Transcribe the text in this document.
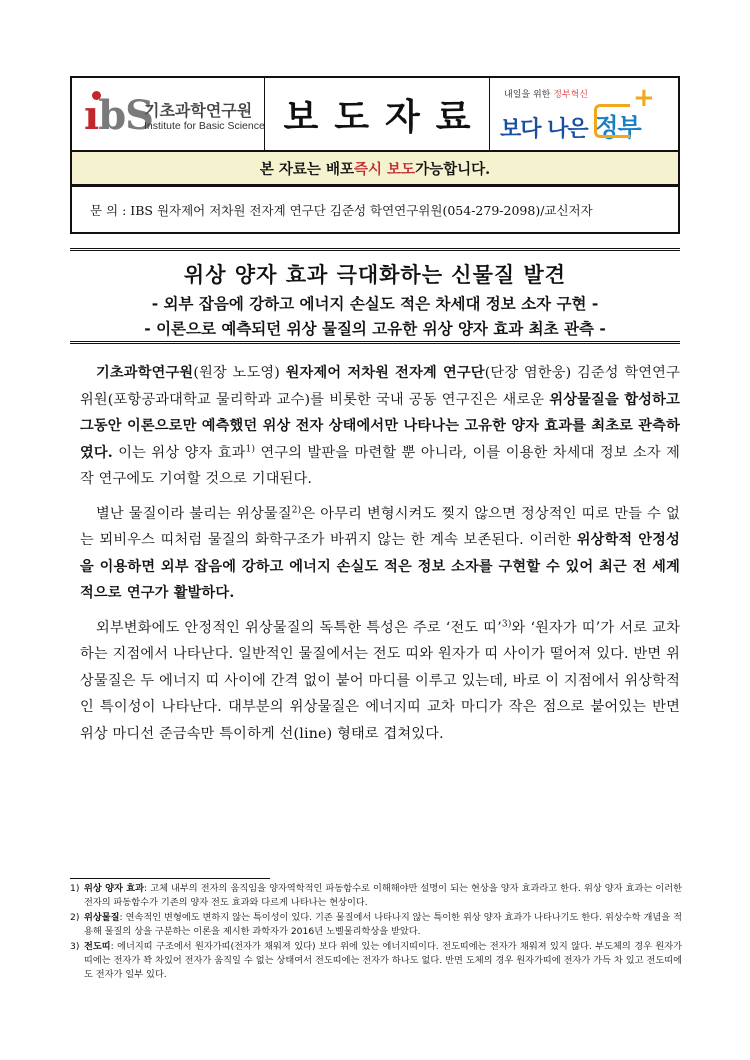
ıbS
기초과학연구원
Institute for Basic Science 보도자료
내일을 위한 정부혁신
보다 나은 정부
+
본 자료는 배포 즉시 보도 가능합니다.
문 의 : IBS 원자제어 저차원 전자계 연구단 김준성 학연연구위원(054-279-2098)/교신저자
위상 양자 효과 극대화하는 신물질 발견
- 외부 잡음에 강하고 에너지 손실도 적은 차세대 정보 소자 구현 -
- 이론으로 예측되던 위상 물질의 고유한 위상 양자 효과 최초 관측 -

기초과학연구원(원장 노도영) 원자제어 저차원 전자계 연구단(단장 염한웅) 김준성 학연연구위원(포항공과대학교 물리학과 교수)를 비롯한 국내 공동 연구진은 새로운 위상물질을 합성하고 그동안 이론으로만 예측했던 위상 전자 상태에서만 나타나는 고유한 양자 효과를 최초로 관측하였다. 이는 위상 양자 효과$^{1)}$ 연구의 발판을 마련할 뿐 아니라, 이를 이용한 차세대 정보 소자 제작 연구에도 기여할 것으로 기대된다.

별난 물질이라 불리는 위상물질$^{2)}$은 아무리 변형시켜도 찢지 않으면 정상적인 띠로 만들 수 없는 뫼비우스 띠처럼 물질의 화학구조가 바뀌지 않는 한 계속 보존된다. 이러한 위상학적 안정성을 이용하면 외부 잡음에 강하고 에너지 손실도 적은 정보 소자를 구현할 수 있어 최근 전 세계적으로 연구가 활발하다.

외부변화에도 안정적인 위상물질의 독특한 특성은 주로 ‘전도 띠’$^{3)}$와 ‘원자가 띠’가 서로 교차하는 지점에서 나타난다. 일반적인 물질에서는 전도 띠와 원자가 띠 사이가 떨어져 있다. 반면 위상물질은 두 에너지 띠 사이에 간격 없이 붙어 마디를 이루고 있는데, 바로 이 지점에서 위상학적인 특이성이 나타난다. 대부분의 위상물질은 에너지띠 교차 마디가 작은 점으로 붙어있는 반면 위상 마디선 준금속만 특이하게 선(line) 형태로 겹쳐있다.

1) 위상 양자 효과: 고체 내부의 전자의 움직임을 양자역학적인 파동함수로 이해해야만 설명이 되는 현상을 양자 효과라고 한다. 위상 양자 효과는 이러한 전자의 파동함수가 기존의 양자 전도 효과와 다르게 나타나는 현상이다.
2) 위상물질: 연속적인 변형에도 변하지 않는 특이성이 있다. 기존 물질에서 나타나지 않는 특이한 위상 양자 효과가 나타나기도 한다. 위상수학 개념을 적용해 물질의 상을 구분하는 이론을 제시한 과학자가 2016년 노벨물리학상을 받았다.
3) 전도띠: 에너지띠 구조에서 원자가띠(전자가 채워져 있다) 보다 위에 있는 에너지띠이다. 전도띠에는 전자가 채워져 있지 않다. 부도체의 경우 원자가띠에는 전자가 꽉 차있어 전자가 움직일 수 없는 상태여서 전도띠에는 전자가 하나도 없다. 반면 도체의 경우 원자가띠에 전자가 가득 차 있고 전도띠에도 전자가 일부 있다.
